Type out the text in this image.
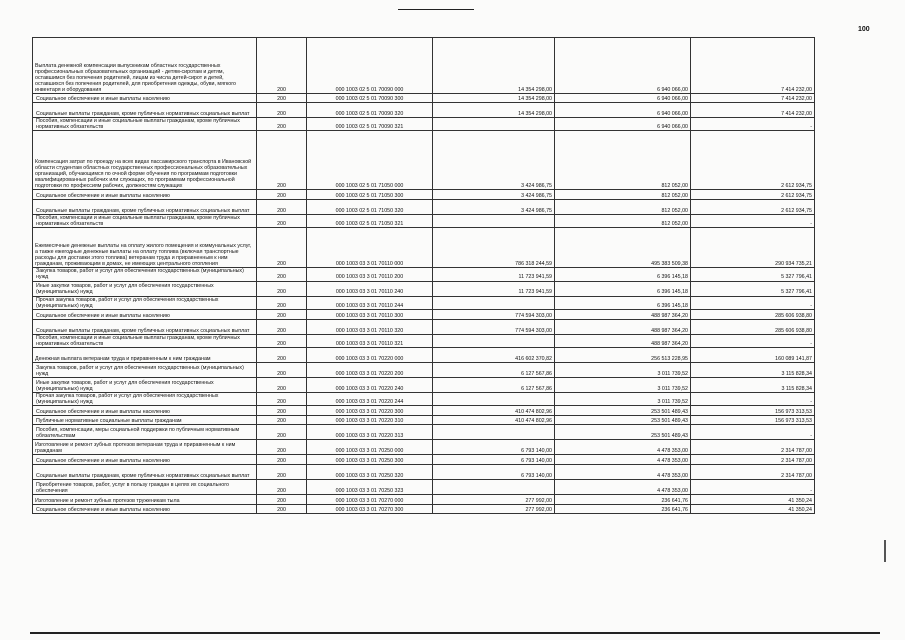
100
Выплата денежной компенсации выпускникам областных государственных профессиональных образовательных организаций - детям-сиротам и детям, оставшимся без попечения родителей, лицам из числа детей-сирот и детей, оставшихся без попечения родителей, для приобретения одежды, обуви, мягкого инвентаря и оборудования	200	000 1003 02 5 01 70090 000	14 354 298,00	6 940 066,00	7 414 232,00
Социальное обеспечение и иные выплаты населению	200	000 1003 02 5 01 70090 300	14 354 298,00	6 940 066,00	7 414 232,00
Социальные выплаты гражданам, кроме публичных нормативных социальных выплат	200	000 1003 02 5 01 70090 320	14 354 298,00	6 940 066,00	7 414 232,00
Пособия, компенсации и иные социальные выплаты гражданам, кроме публичных нормативных обязательств	200	000 1003 02 5 01 70090 321		6 940 066,00	-
Компенсация затрат по проезду на всех видах пассажирского транспорта в Ивановской области студентам областных государственных профессиональных образовательных организаций, обучающимся по очной форме обучения по программам подготовки квалифицированных рабочих или служащих, по программам профессиональной подготовки по профессиям рабочих, должностям служащих	200	000 1003 02 5 01 71050 000	3 424 986,75	812 052,00	2 612 934,75
Социальное обеспечение и иные выплаты населению	200	000 1003 02 5 01 71050 300	3 424 986,75	812 052,00	2 612 934,75
Социальные выплаты гражданам, кроме публичных нормативных социальных выплат	200	000 1003 02 5 01 71050 320	3 424 986,75	812 052,00	2 612 934,75
Пособия, компенсации и иные социальные выплаты гражданам, кроме публичных нормативных обязательств	200	000 1003 02 5 01 71050 321		812 052,00	-
Ежемесячные денежные выплаты на оплату жилого помещения и коммунальных услуг, а также ежегодные денежные выплаты на оплату топлива (включая транспортные расходы для доставки этого топлива) ветеранам труда и приравненным к ним гражданам, проживающим в домах, не имеющих центрального отопления	200	000 1003 03 3 01 70110 000	786 318 244,59	495 383 509,38	290 934 735,21
Закупка товаров, работ и услуг для обеспечения государственных (муниципальных) нужд	200	000 1003 03 3 01 70110 200	11 723 941,59	6 396 145,18	5 327 796,41
Иные закупки товаров, работ и услуг для обеспечения государственных (муниципальных) нужд	200	000 1003 03 3 01 70110 240	11 723 941,59	6 396 145,18	5 327 796,41
Прочая закупка товаров, работ и услуг для обеспечения государственных (муниципальных) нужд	200	000 1003 03 3 01 70110 244		6 396 145,18	-
Социальное обеспечение и иные выплаты населению	200	000 1003 03 3 01 70110 300	774 594 303,00	488 987 364,20	285 606 938,80
Социальные выплаты гражданам, кроме публичных нормативных социальных выплат	200	000 1003 03 3 01 70110 320	774 594 303,00	488 987 364,20	285 606 938,80
Пособия, компенсации и иные социальные выплаты гражданам, кроме публичных нормативных обязательств	200	000 1003 03 3 01 70110 321		488 987 364,20	-
Денежная выплата ветеранам труда и приравненным к ним гражданам	200	000 1003 03 3 01 70220 000	416 602 370,82	256 513 228,95	160 089 141,87
Закупка товаров, работ и услуг для обеспечения государственных (муниципальных) нужд	200	000 1003 03 3 01 70220 200	6 127 567,86	3 011 739,52	3 115 828,34
Иные закупки товаров, работ и услуг для обеспечения государственных (муниципальных) нужд	200	000 1003 03 3 01 70220 240	6 127 567,86	3 011 739,52	3 115 828,34
Прочая закупка товаров, работ и услуг для обеспечения государственных (муниципальных) нужд	200	000 1003 03 3 01 70220 244		3 011 739,52	-
Социальное обеспечение и иные выплаты населению	200	000 1003 03 3 01 70220 300	410 474 802,96	253 501 489,43	156 973 313,53
Публичные нормативные социальные выплаты гражданам	200	000 1003 03 3 01 70220 310	410 474 802,96	253 501 489,43	156 973 313,53
Пособия, компенсации, меры социальной поддержки по публичным нормативным обязательствам	200	000 1003 03 3 01 70220 313		253 501 489,43	-
Изготовление и ремонт зубных протезов ветеранам труда и приравненным к ним гражданам	200	000 1003 03 3 01 70250 000	6 793 140,00	4 478 353,00	2 314 787,00
Социальное обеспечение и иные выплаты населению	200	000 1003 03 3 01 70250 300	6 793 140,00	4 478 353,00	2 314 787,00
Социальные выплаты гражданам, кроме публичных нормативных социальных выплат	200	000 1003 03 3 01 70250 320	6 793 140,00	4 478 353,00	2 314 787,00
Приобретение товаров, работ, услуг в пользу граждан в целях их социального обеспечения	200	000 1003 03 3 01 70250 323		4 478 353,00	-
Изготовление и ремонт зубных протезов труженикам тыла	200	000 1003 03 3 01 70270 000	277 992,00	236 641,76	41 350,24
Социальное обеспечение и иные выплаты населению	200	000 1003 03 3 01 70270 300	277 992,00	236 641,76	41 350,24
